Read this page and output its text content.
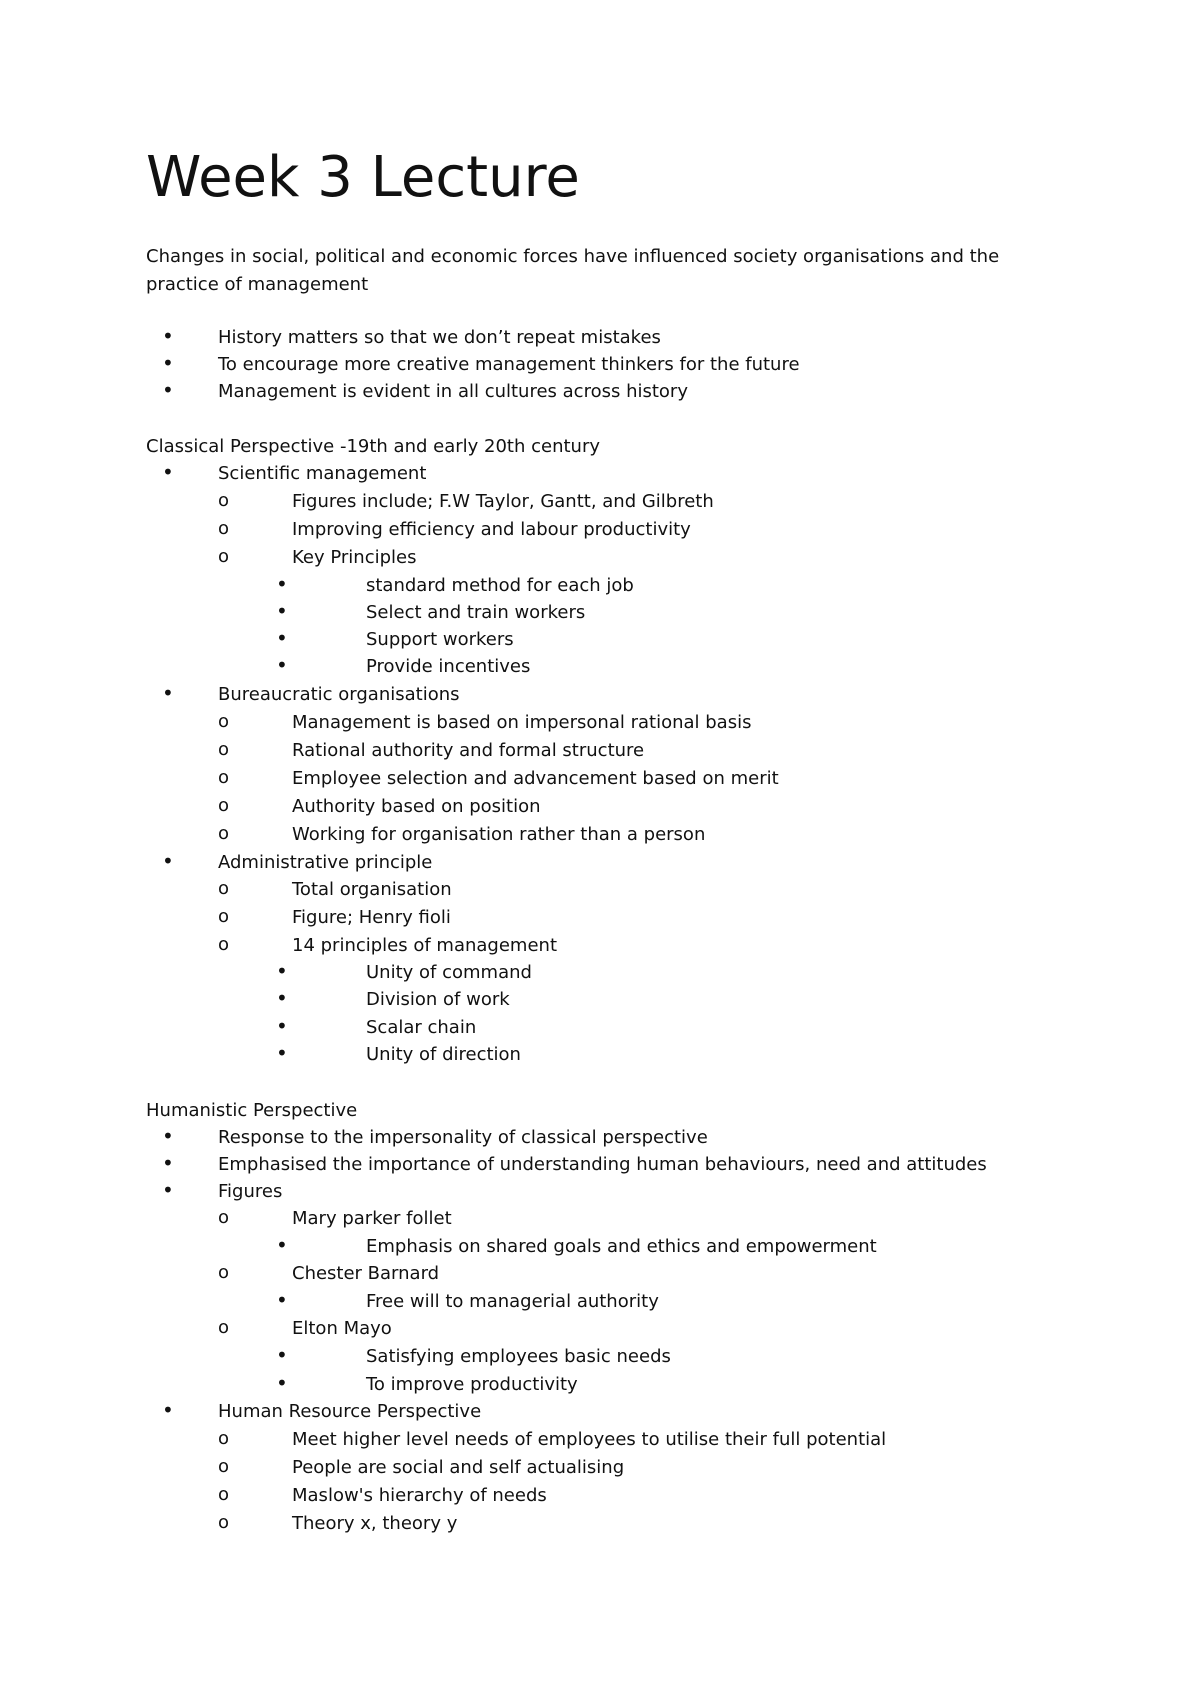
Week 3 Lecture

Changes in social, political and economic forces have influenced society organisations and the practice of management

• History matters so that we don’t repeat mistakes
• To encourage more creative management thinkers for the future
• Management is evident in all cultures across history
Classical Perspective -19th and early 20th century
• Scientific management
o	Figures include; F.W Taylor, Gantt, and Gilbreth
o	Improving efficiency and labour productivity
o	Key Principles
•	standard method for each job
•	Select and train workers
•	Support workers
•	Provide incentives
• Bureaucratic organisations
o	Management is based on impersonal rational basis
o	Rational authority and formal structure
o	Employee selection and advancement based on merit
o	Authority based on position
o	Working for organisation rather than a person
• Administrative principle
o	Total organisation
o	Figure; Henry fioli
o	14 principles of management
•	Unity of command
•	Division of work
•	Scalar chain
•	Unity of direction
Humanistic Perspective
• Response to the impersonality of classical perspective
• Emphasised the importance of understanding human behaviours, need and attitudes
• Figures
o	Mary parker follet
•	Emphasis on shared goals and ethics and empowerment
o	Chester Barnard
•	Free will to managerial authority
o	Elton Mayo
•	Satisfying employees basic needs
•	To improve productivity
• Human Resource Perspective
o	Meet higher level needs of employees to utilise their full potential
o	People are social and self actualising
o	Maslow's hierarchy of needs
o	Theory x, theory y
